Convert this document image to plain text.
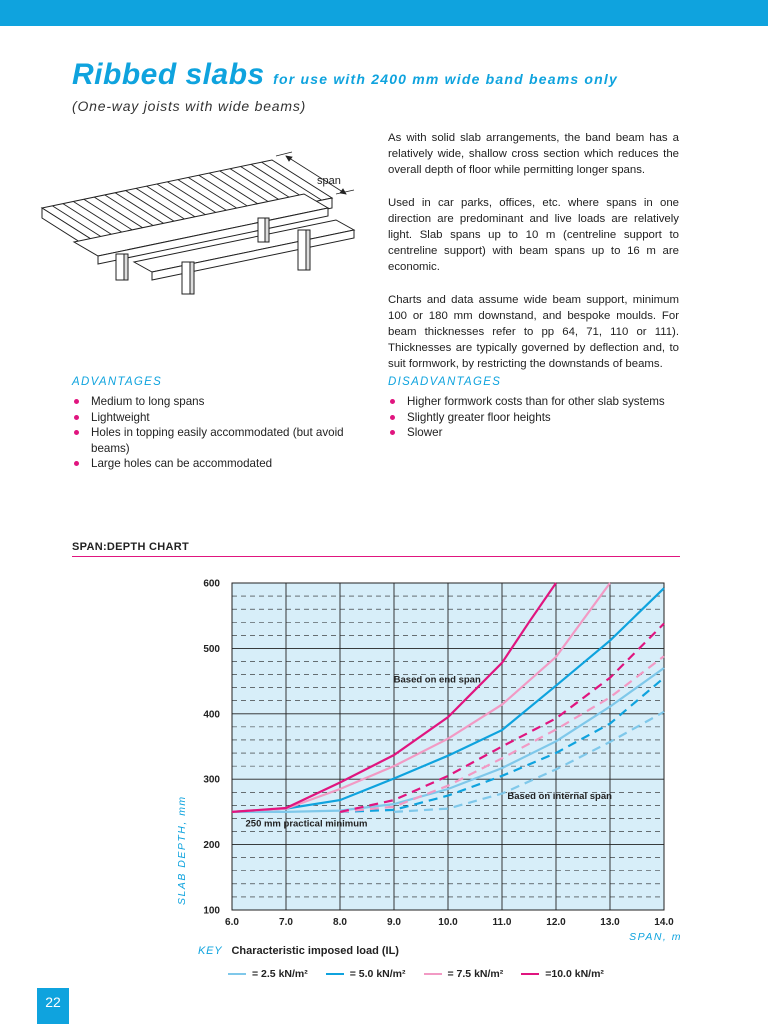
Ribbed slabs for use with 2400 mm wide band beams only
(One-way joists with wide beams)
span

As with solid slab arrangements, the band beam has a relatively wide, shallow cross section which reduces the overall depth of floor while permitting longer spans.

Used in car parks, offices, etc. where spans in one direction are predominant and live loads are relatively light. Slab spans up to 10 m (centreline support to centreline support) with beam spans up to 16 m are economic.

Charts and data assume wide beam support, minimum 100 or 180 mm downstand, and bespoke moulds. For beam thicknesses refer to pp 64, 71, 110 or 111). Thicknesses are typically governed by deflection and, to suit formwork, by restricting the downstands of beams.

ADVANTAGES
Medium to long spans
Lightweight
Holes in topping easily accommodated (but avoid beams)
Large holes can be accommodated
DISADVANTAGES
Higher formwork costs than for other slab systems
Slightly greater floor heights
Slower
SPAN:DEPTH CHART
6.0	7.0	8.0	9.0	10.0	11.0	12.0	13.0	14.0
100
200
300
400
500
600
Based on end span
Based on internal span
250 mm practical minimum
SPAN, m
SLAB DEPTH, mm
KEY Characteristic imposed load (IL)
= 2.5 kN/m²	= 5.0 kN/m²	= 7.5 kN/m²	=10.0 kN/m²
22
